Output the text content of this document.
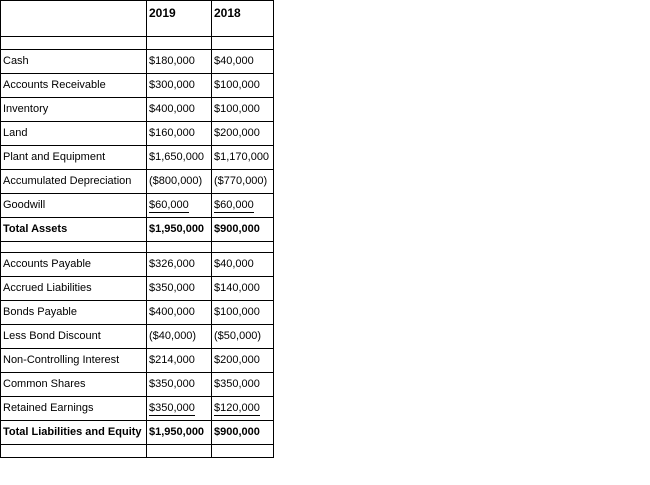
	2019	2018

Cash	$180,000	$40,000
Accounts Receivable	$300,000	$100,000
Inventory	$400,000	$100,000
Land	$160,000	$200,000
Plant and Equipment	$1,650,000	$1,170,000
Accumulated Depreciation	($800,000)	($770,000)
Goodwill	$60,000	$60,000
Total Assets	$1,950,000	$900,000

Accounts Payable	$326,000	$40,000
Accrued Liabilities	$350,000	$140,000
Bonds Payable	$400,000	$100,000
Less Bond Discount	($40,000)	($50,000)
Non-Controlling Interest	$214,000	$200,000
Common Shares	$350,000	$350,000
Retained Earnings	$350,000	$120,000
Total Liabilities and Equity	$1,950,000	$900,000
